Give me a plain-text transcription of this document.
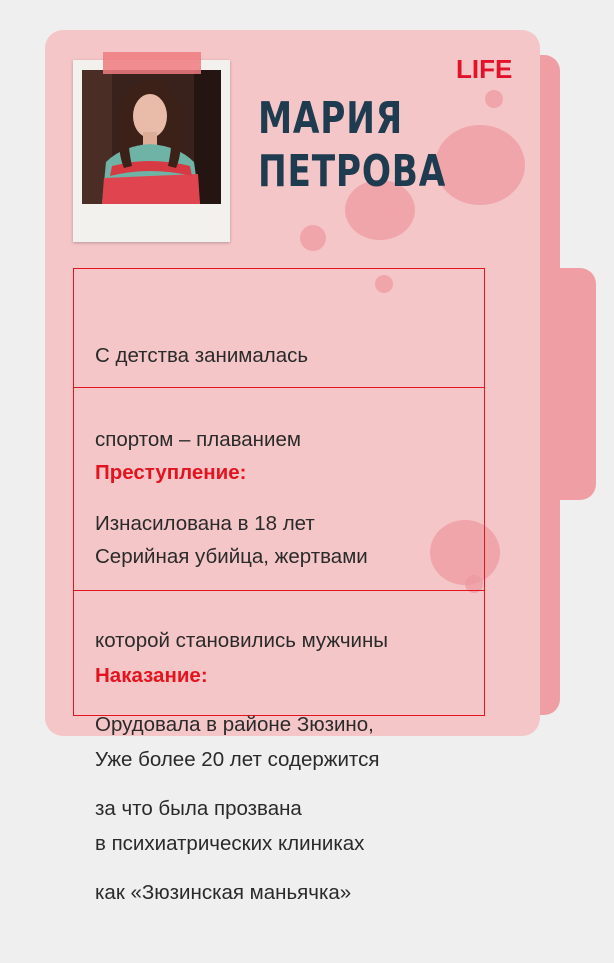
LIFE
МАРИЯ
ПЕТРОВА

С детства занималась

спортом – плаванием

Изнасилована в 18 лет

Преступление:

Серийная убийца, жертвами

которой становились мужчины

Орудовала в районе Зюзино,

за что была прозвана

как «Зюзинская маньячка»

Наказание:

Уже более 20 лет содержится

в психиатрических клиниках
